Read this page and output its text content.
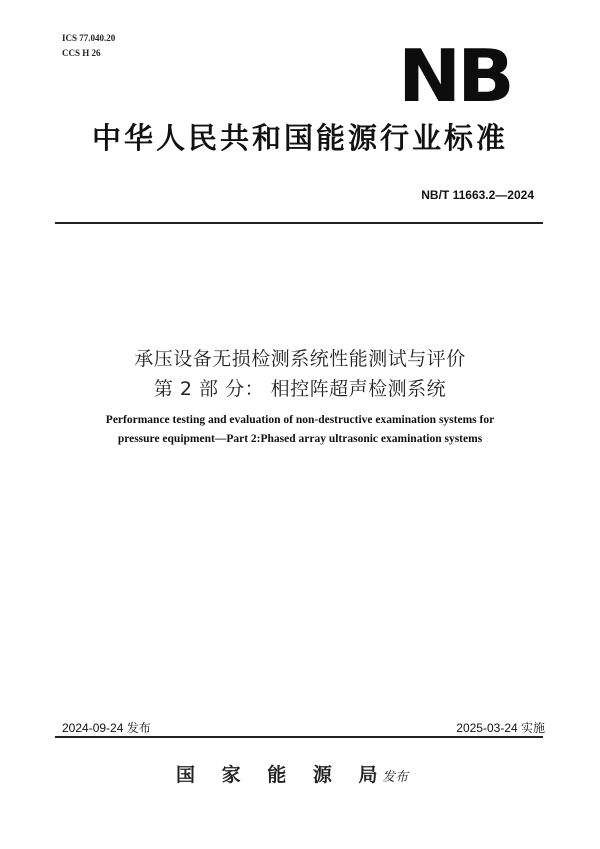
ICS 77.040.20
CCS H 26	NB
中华人民共和国能源行业标准
NB/T 11663.2—2024
承压设备无损检测系统性能测试与评价
第 2 部 分： 相控阵超声检测系统
Performance testing and evaluation of non-destructive examination systems for
pressure equipment—Part 2:Phased array ultrasonic examination systems
2024-09-24 发布	2025-03-24 实施
国 家 能 源 局
发布
